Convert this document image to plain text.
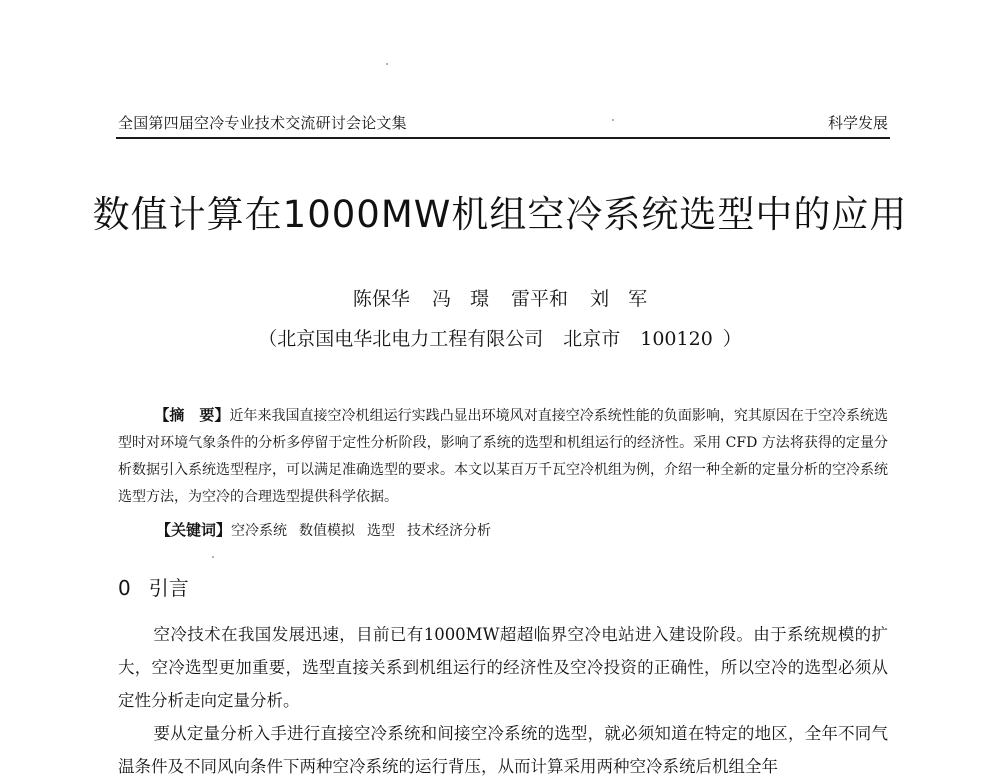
全国第四届空冷专业技术交流研讨会论文集	科学发展
数值计算在1000MW机组空冷系统选型中的应用
陈保华 冯　璟 雷平和 刘　军
（北京国电华北电力工程有限公司 北京市 100120 ）
【摘　要】近年来我国直接空冷机组运行实践凸显出环境风对直接空冷系统性能的负面影响，究其原因在于空冷系统选型时对环境气象条件的分析多停留于定性分析阶段，影响了系统的选型和机组运行的经济性。采用 CFD 方法将获得的定量分析数据引入系统选型程序，可以满足准确选型的要求。本文以某百万千瓦空冷机组为例，介绍一种全新的定量分析的空冷系统选型方法，为空冷的合理选型提供科学依据。
【关键词】空冷系统 数值模拟 选型 技术经济分析
0 引言

空冷技术在我国发展迅速，目前已有1000MW超超临界空冷电站进入建设阶段。由于系统规模的扩大，空冷选型更加重要，选型直接关系到机组运行的经济性及空冷投资的正确性，所以空冷的选型必须从定性分析走向定量分析。

要从定量分析入手进行直接空冷系统和间接空冷系统的选型，就必须知道在特定的地区，全年不同气温条件及不同风向条件下两种空冷系统的运行背压，从而计算采用两种空冷系统后机组全年
